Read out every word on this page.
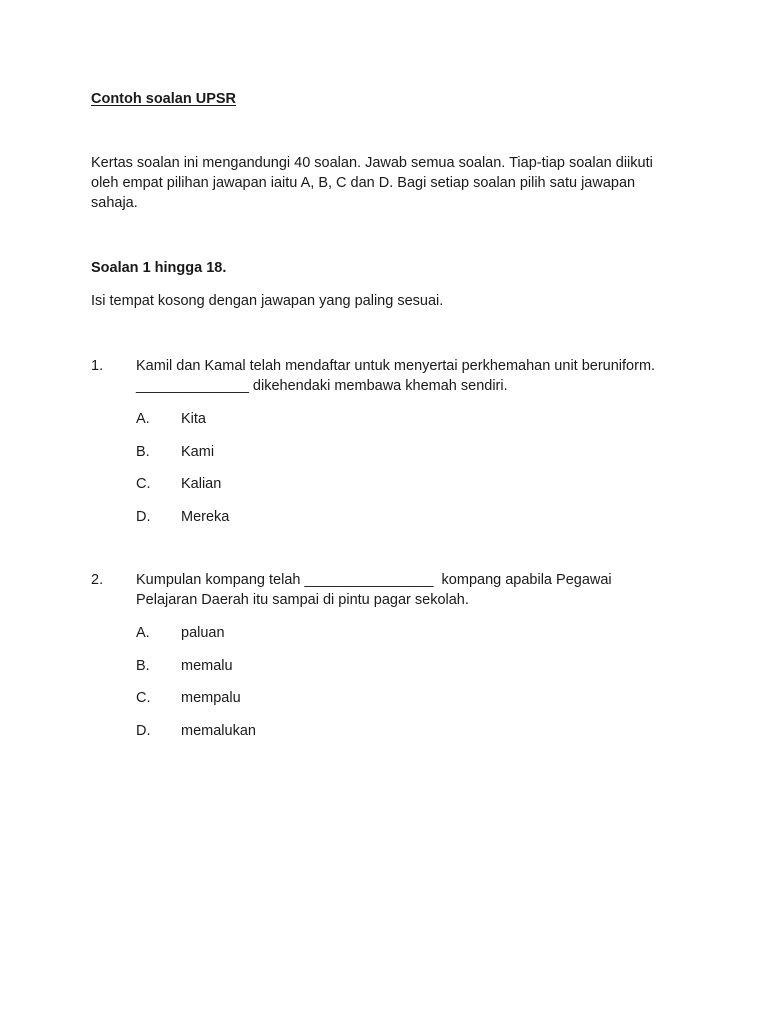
Contoh soalan UPSR

Kertas soalan ini mengandungi 40 soalan. Jawab semua soalan. Tiap-tiap soalan diikuti oleh empat pilihan jawapan iaitu A, B, C dan D. Bagi setiap soalan pilih satu jawapan sahaja.

Soalan 1 hingga 18.

Isi tempat kosong dengan jawapan yang paling sesuai.

1.	Kamil dan Kamal telah mendaftar untuk menyertai perkhemahan unit beruniform.
______________ dikehendaki membawa khemah sendiri.
A.	Kita
B.	Kami
C.	Kalian
D.	Mereka
2.	Kumpulan kompang telah ________________  kompang apabila Pegawai
Pelajaran Daerah itu sampai di pintu pagar sekolah.
A.	paluan
B.	memalu
C.	mempalu
D.	memalukan
